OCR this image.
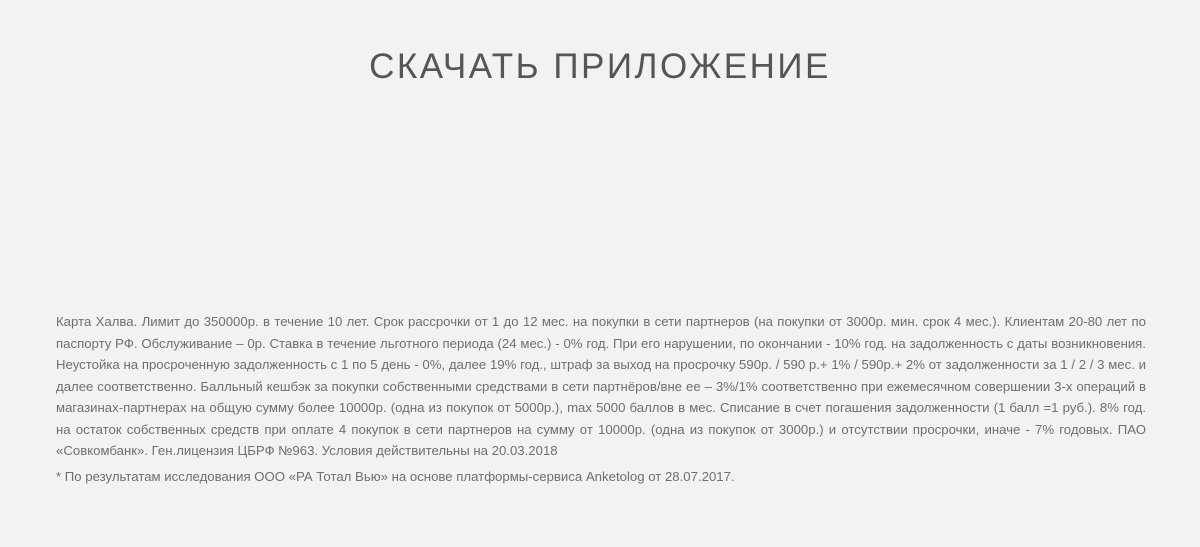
СКАЧАТЬ ПРИЛОЖЕНИЕ

Карта Халва. Лимит до 350000р. в течение 10 лет. Срок рассрочки от 1 до 12 мес. на покупки в сети партнеров (на покупки от 3000р. мин. срок 4 мес.). Клиентам 20-80 лет по паспорту РФ. Обслуживание – 0р. Ставка в течение льготного периода (24 мес.) - 0% год. При его нарушении, по окончании - 10% год. на задолженность с даты возникновения. Неустойка на просроченную задолженность с 1 по 5 день - 0%, далее 19% год., штраф за выход на просрочку 590р. / 590 р.+ 1% / 590р.+ 2% от задолженности за 1 / 2 / 3 мес. и далее соответственно. Балльный кешбэк за покупки собственными средствами в сети партнёров/вне ее – 3%/1% соответственно при ежемесячном совершении 3-х операций в магазинах-партнерах на общую сумму более 10000р. (одна из покупок от 5000р.), max 5000 баллов в мес. Списание в счет погашения задолженности (1 балл =1 руб.). 8% год. на остаток собственных средств при оплате 4 покупок в сети партнеров на сумму от 10000р. (одна из покупок от 3000р.) и отсутствии просрочки, иначе - 7% годовых. ПАО «Совкомбанк». Ген.лицензия ЦБРФ №963. Условия действительны на 20.03.2018

* По результатам исследования ООО «РА Тотал Вью» на основе платформы-сервиса Anketolog от 28.07.2017.
